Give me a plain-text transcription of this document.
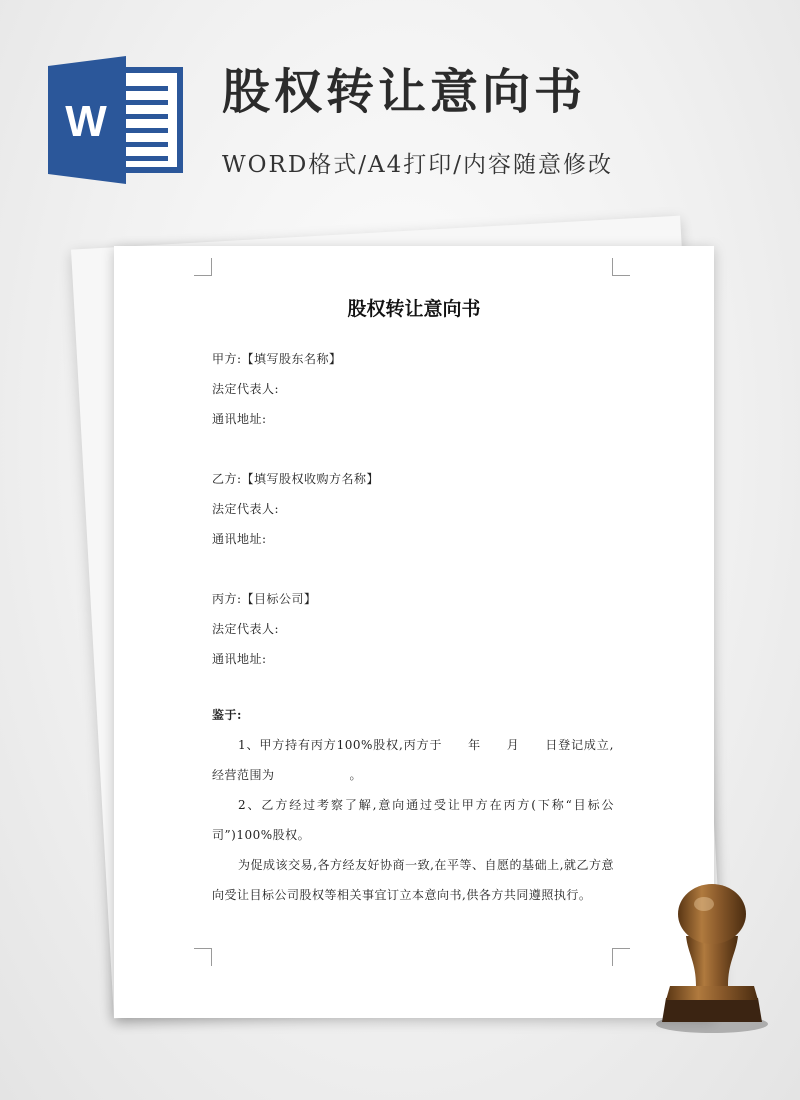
W
股权转让意向书
WORD格式/A4打印/内容随意修改
股权转让意向书

甲方:【填写股东名称】

法定代表人:

通讯地址:

乙方:【填写股权收购方名称】

法定代表人:

通讯地址:

丙方:【目标公司】

法定代表人:

通讯地址:

鉴于:

1、甲方持有丙方100%股权,丙方于　　年　　月　　日登记成立,经营范围为　　　　　　。

2、乙方经过考察了解,意向通过受让甲方在丙方(下称“目标公司”)100%股权。

为促成该交易,各方经友好协商一致,在平等、自愿的基础上,就乙方意向受让目标公司股权等相关事宜订立本意向书,供各方共同遵照执行。
